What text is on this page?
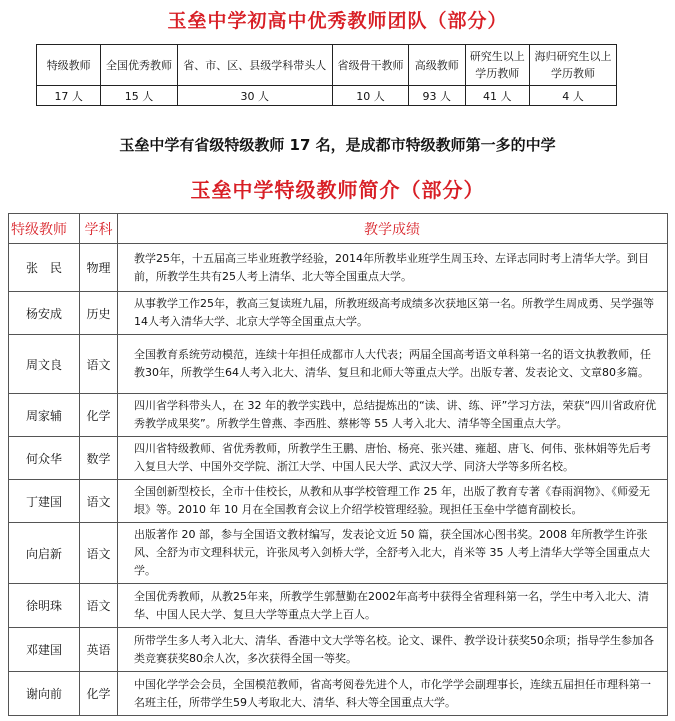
玉垒中学初高中优秀教师团队（部分）
特级教师	全国优秀教师	省、市、区、县级学科带头人	省级骨干教师	高级教师	研究生以上学历教师	海归研究生以上学历教师
17 人	15 人	30 人	10 人	93 人	41 人	4 人
玉垒中学有省级特级教师 17 名，是成都市特级教师第一多的中学
玉垒中学特级教师简介（部分）
特级教师	学科	教学成绩
张　民	物理	教学25年，十五届高三毕业班教学经验，2014年所教毕业班学生周玉玲、左译志同时考上清华大学。到目前，所教学生共有25人考上清华、北大等全国重点大学。
杨安成	历史	从事教学工作25年，教高三复读班九届，所教班级高考成绩多次获地区第一名。所教学生周成勇、吴学强等14人考入清华大学、北京大学等全国重点大学。
周文良	语文	全国教育系统劳动模范，连续十年担任成都市人大代表；两届全国高考语文单科第一名的语文执教教师，任教30年，所教学生64人考入北大、清华、复旦和北师大等重点大学。出版专著、发表论文、文章80多篇。
周家辅	化学	四川省学科带头人，在 32 年的教学实践中，总结提炼出的“读、讲、练、评”学习方法，荣获“四川省政府优秀教学成果奖”。所教学生曾燕、李西胜、蔡彬等 55 人考入北大、清华等全国重点大学。
何众华	数学	四川省特级教师、省优秀教师，所教学生王鹏、唐怡、杨亮、张兴建、雍超、唐飞、何伟、张林娟等先后考入复旦大学、中国外交学院、浙江大学、中国人民大学、武汉大学、同济大学等多所名校。
丁建国	语文	全国创新型校长，全市十佳校长，从教和从事学校管理工作 25 年，出版了教育专著《春雨润物》、《师爱无垠》等。2010 年 10 月在全国教育会议上介绍学校管理经验。现担任玉垒中学德育副校长。
向启新	语文	出版著作 20 部，参与全国语文教材编写，发表论文近 50 篇，获全国冰心图书奖。2008 年所教学生许张风、全舒为市文理科状元，许张凤考入剑桥大学，全舒考入北大，肖米等 35 人考上清华大学等全国重点大学。
徐明珠	语文	全国优秀教师，从教25年来，所教学生郭慧勤在2002年高考中获得全省理科第一名，学生中考入北大、清华、中国人民大学、复旦大学等重点大学上百人。
邓建国	英语	所带学生多人考入北大、清华、香港中文大学等名校。论文、课件、教学设计获奖50余项；指导学生参加各类竞赛获奖80余人次，多次获得全国一等奖。
谢向前	化学	中国化学学会会员，全国模范教师，省高考阅卷先进个人，市化学学会副理事长，连续五届担任市理科第一名班主任，所带学生59人考取北大、清华、科大等全国重点大学。
